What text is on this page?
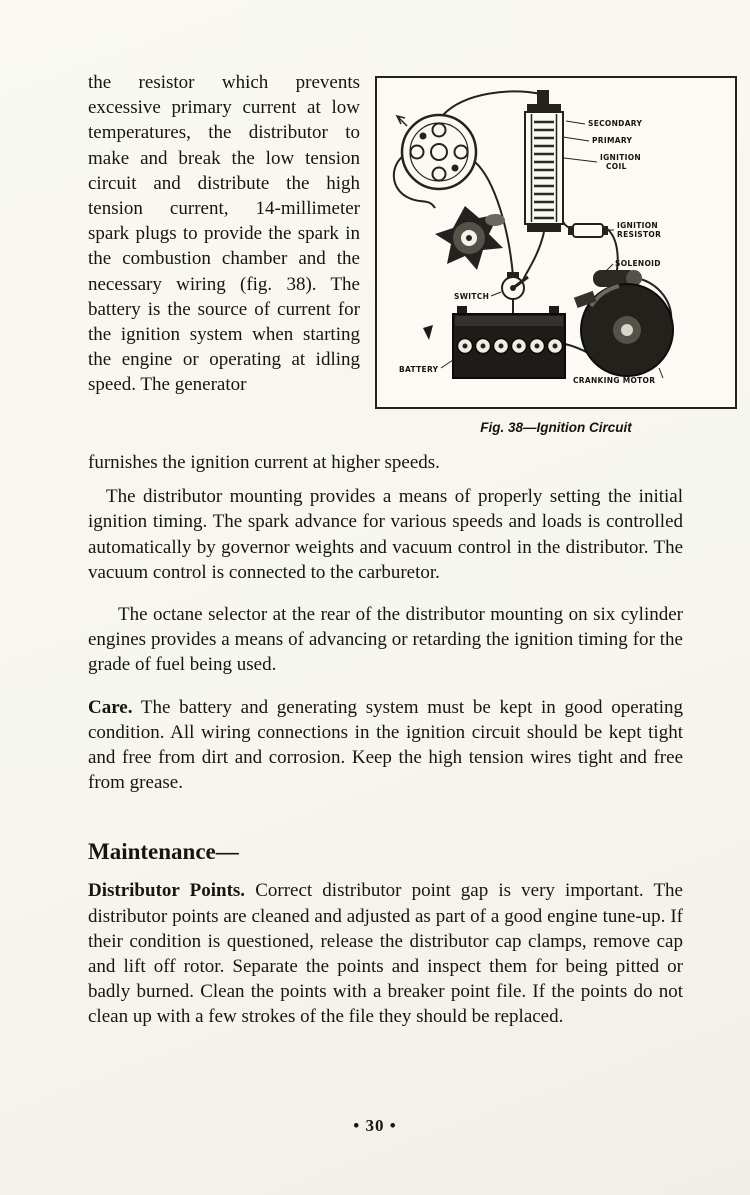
the resistor which prevents excessive primary current at low temperatures, the distributor to make and break the low tension circuit and distribute the high tension current, 14-millimeter spark plugs to provide the spark in the combustion chamber and the necessary wiring (fig. 38). The battery is the source of current for the ignition system when starting the engine or operating at idling speed. The generator

SECONDARY
PRIMARY
IGNITION
COIL
IGNITION
RESISTOR
SOLENOID
SWITCH
BATTERY
CRANKING MOTOR
Fig. 38—Ignition Circuit

furnishes the ignition current at higher speeds.

The distributor mounting provides a means of properly setting the initial ignition timing. The spark advance for various speeds and loads is controlled automatically by governor weights and vacuum control in the distributor. The vacuum control is connected to the carburetor.

The octane selector at the rear of the distributor mounting on six cylinder engines provides a means of advancing or retarding the ignition timing for the grade of fuel being used.

Care. The battery and generating system must be kept in good operating condition. All wiring connections in the ignition circuit should be kept tight and free from dirt and corrosion. Keep the high tension wires tight and free from grease.

Maintenance—

Distributor Points. Correct distributor point gap is very important. The distributor points are cleaned and adjusted as part of a good engine tune-up. If their condition is questioned, release the distributor cap clamps, remove cap and lift off rotor. Separate the points and inspect them for being pitted or badly burned. Clean the points with a breaker point file. If the points do not clean up with a few strokes of the file they should be replaced.

• 30 •
